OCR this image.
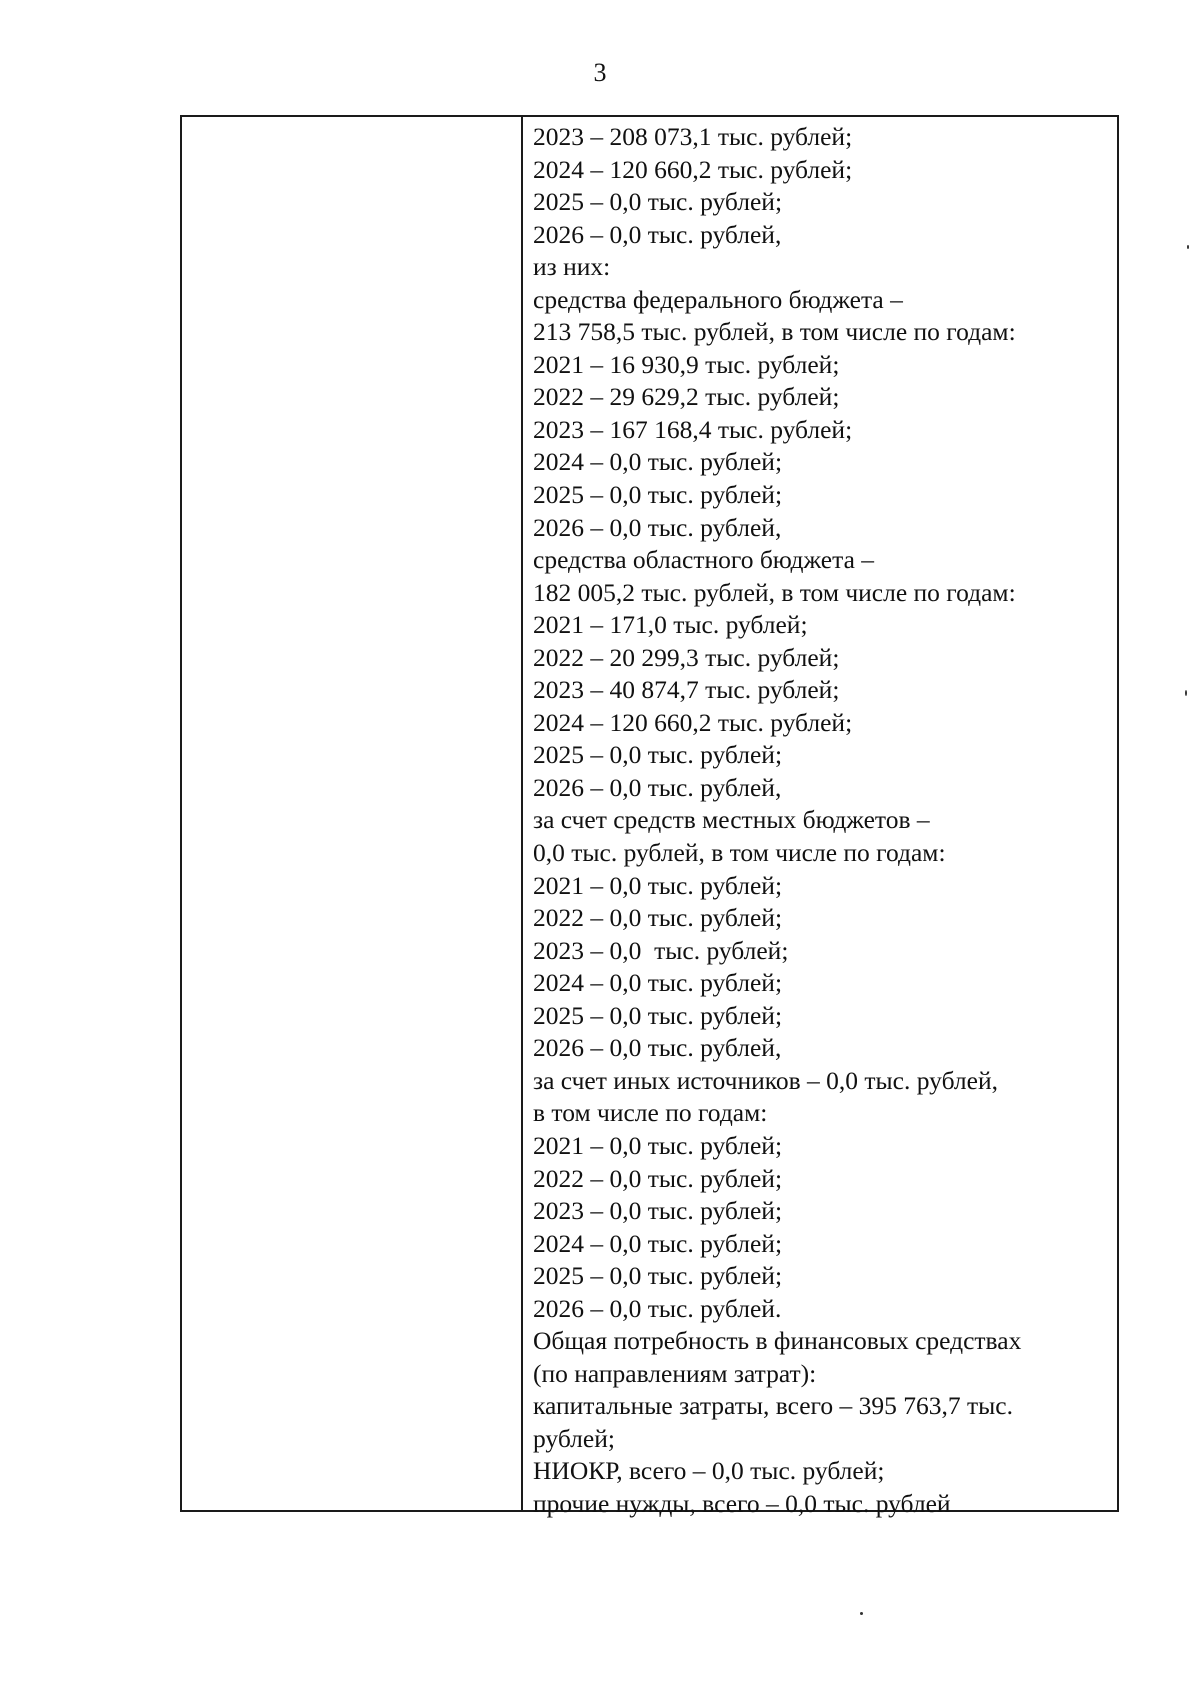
3
2023 – 208 073,1 тыс. рублей;
2024 – 120 660,2 тыс. рублей;
2025 – 0,0 тыс. рублей;
2026 – 0,0 тыс. рублей,
из них:
средства федерального бюджета –
213 758,5 тыс. рублей, в том числе по годам:
2021 – 16 930,9 тыс. рублей;
2022 – 29 629,2 тыс. рублей;
2023 – 167 168,4 тыс. рублей;
2024 – 0,0 тыс. рублей;
2025 – 0,0 тыс. рублей;
2026 – 0,0 тыс. рублей,
средства областного бюджета –
182 005,2 тыс. рублей, в том числе по годам:
2021 – 171,0 тыс. рублей;
2022 – 20 299,3 тыс. рублей;
2023 – 40 874,7 тыс. рублей;
2024 – 120 660,2 тыс. рублей;
2025 – 0,0 тыс. рублей;
2026 – 0,0 тыс. рублей,
за счет средств местных бюджетов –
0,0 тыс. рублей, в том числе по годам:
2021 – 0,0 тыс. рублей;
2022 – 0,0 тыс. рублей;
2023 – 0,0  тыс. рублей;
2024 – 0,0 тыс. рублей;
2025 – 0,0 тыс. рублей;
2026 – 0,0 тыс. рублей,
за счет иных источников – 0,0 тыс. рублей,
в том числе по годам:
2021 – 0,0 тыс. рублей;
2022 – 0,0 тыс. рублей;
2023 – 0,0 тыс. рублей;
2024 – 0,0 тыс. рублей;
2025 – 0,0 тыс. рублей;
2026 – 0,0 тыс. рублей.
Общая потребность в финансовых средствах
(по направлениям затрат):
капитальные затраты, всего – 395 763,7 тыс.
рублей;
НИОКР, всего – 0,0 тыс. рублей;
прочие нужды, всего – 0,0 тыс. рублей
